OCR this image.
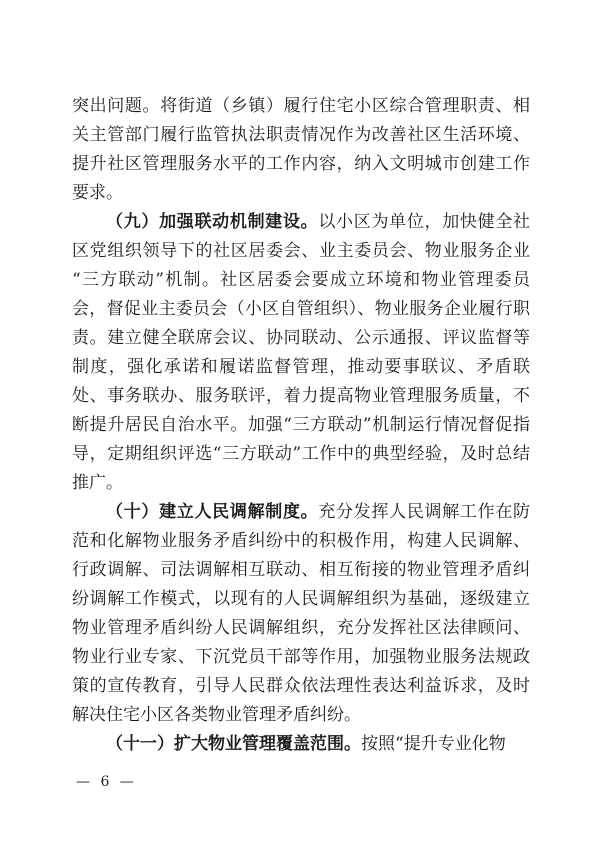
突出问题。将街道（乡镇）履行住宅小区综合管理职责、相关主管部门履行监管执法职责情况作为改善社区生活环境、提升社区管理服务水平的工作内容，纳入文明城市创建工作要求。

（九）加强联动机制建设。以小区为单位，加快健全社区党组织领导下的社区居委会、业主委员会、物业服务企业“三方联动”机制。社区居委会要成立环境和物业管理委员会，督促业主委员会（小区自管组织）、物业服务企业履行职责。建立健全联席会议、协同联动、公示通报、评议监督等制度，强化承诺和履诺监督管理，推动要事联议、矛盾联处、事务联办、服务联评，着力提高物业管理服务质量，不断提升居民自治水平。加强“三方联动”机制运行情况督促指导，定期组织评选“三方联动”工作中的典型经验，及时总结推广。

（十）建立人民调解制度。充分发挥人民调解工作在防范和化解物业服务矛盾纠纷中的积极作用，构建人民调解、行政调解、司法调解相互联动、相互衔接的物业管理矛盾纠纷调解工作模式，以现有的人民调解组织为基础，逐级建立物业管理矛盾纠纷人民调解组织，充分发挥社区法律顾问、物业行业专家、下沉党员干部等作用，加强物业服务法规政策的宣传教育，引导人民群众依法理性表达利益诉求，及时解决住宅小区各类物业管理矛盾纠纷。

（十一）扩大物业管理覆盖范围。按照“提升专业化物

— 6 —
